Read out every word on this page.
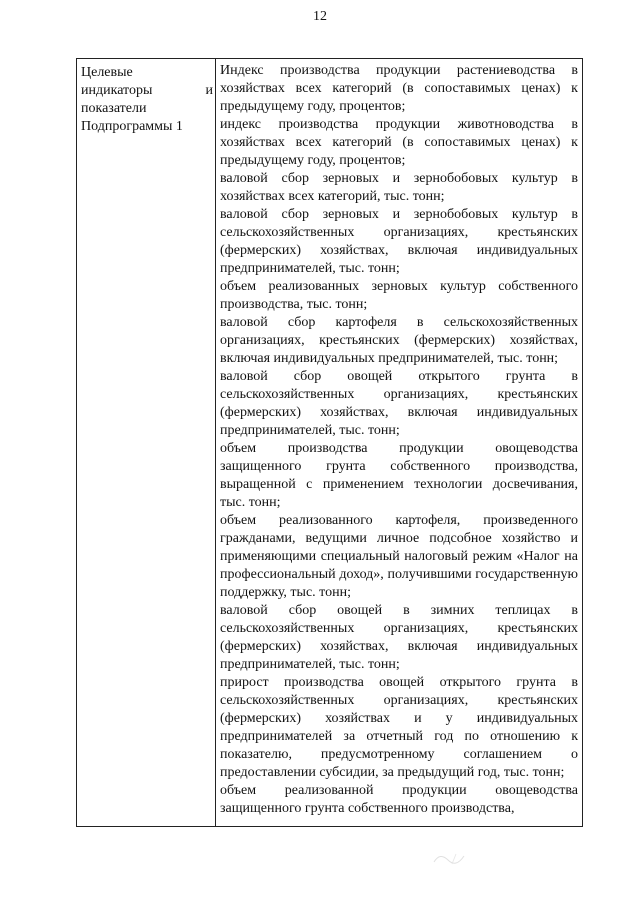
12
Целевые
индикаторы	и
показатели
Подпрограммы 1
Индекс производства продукции растениеводства в хозяйствах всех категорий (в сопоставимых ценах) к предыдущему году, процентов;
индекс производства продукции животноводства в хозяйствах всех категорий (в сопоставимых ценах) к предыдущему году, процентов;
валовой сбор зерновых и зернобобовых культур в хозяйствах всех категорий, тыс. тонн;
валовой сбор зерновых и зернобобовых культур в сельскохозяйственных организациях, крестьянских (фермерских) хозяйствах, включая индивидуальных предпринимателей, тыс. тонн;
объем реализованных зерновых культур собственного производства, тыс. тонн;
валовой сбор картофеля в сельскохозяйственных организациях, крестьянских (фермерских) хозяйствах, включая индивидуальных предпринимателей, тыс. тонн;
валовой сбор овощей открытого грунта в сельскохозяйственных организациях, крестьянских (фермерских) хозяйствах, включая индивидуальных предпринимателей, тыс. тонн;
объем производства продукции овощеводства защищенного грунта собственного производства, выращенной с применением технологии досвечивания, тыс. тонн;
объем реализованного картофеля, произведенного гражданами, ведущими личное подсобное хозяйство и применяющими специальный налоговый режим «Налог на профессиональный доход», получившими государственную поддержку, тыс. тонн;
валовой сбор овощей в зимних теплицах в сельскохозяйственных организациях, крестьянских (фермерских) хозяйствах, включая индивидуальных предпринимателей, тыс. тонн;
прирост производства овощей открытого грунта в сельскохозяйственных организациях, крестьянских (фермерских) хозяйствах и у индивидуальных предпринимателей за отчетный год по отношению к показателю, предусмотренному соглашением о предоставлении субсидии, за предыдущий год, тыс. тонн;
объем реализованной продукции овощеводства защищенного грунта собственного производства,
